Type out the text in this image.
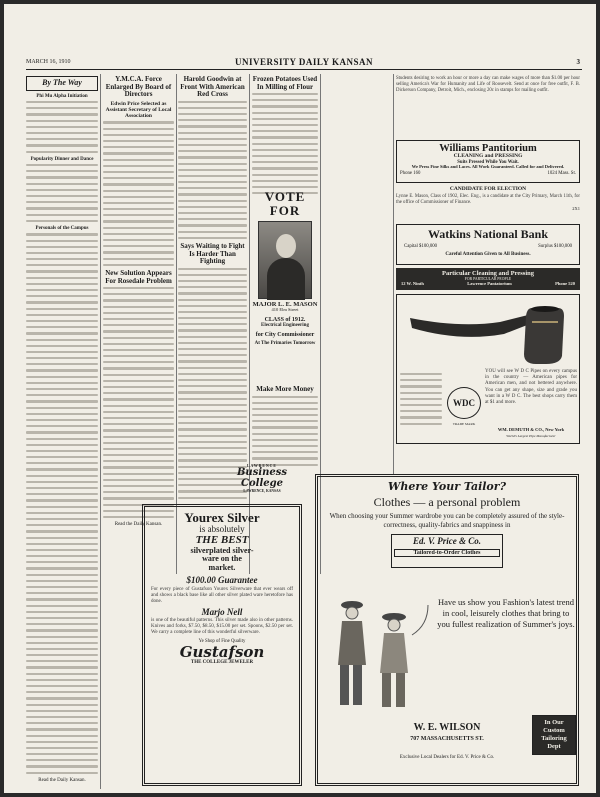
MARCH 16, 1910	UNIVERSITY DAILY KANSAN	3
By The Way
Phi Mu Alpha Initiation
Popularity Dinner and Dance
Personals of the Campus
Read the Daily Kansan.
Y.M.C.A. Force Enlarged By Board of Directors
Edwin Price Selected as Assistant Secretary of Local Association
New Solution Appears For Rosedale Problem
Read the Daily Kansan.
Harold Goodwin at Front With American Red Cross
Says Waiting to Fight Is Harder Than Fighting
Frozen Potatoes Used In Milling of Flour
VOTE FOR
MAJOR L. E. MASON
410 Elm Street
CLASS of 1912.
Electrical Engineering
for City Commissioner
At The Primaries Tomorrow
Make More Money
Students desiring to work an hour or more a day can make wages of more than $1.00 per hour selling America's War for Humanity and Life of Roosevelt. Send at once for free outfit, F. B. Dickerson Company, Detroit, Mich., enclosing 20c in stamps for mailing outfit.
Williams Pantitorium
CLEANING and PRESSING
Suits Pressed While You Wait.
We Press Fine Silks and Laces. All Work Guaranteed. Called for and Delivered.
Phone 160	1024 Mass. St.
CANDIDATE FOR ELECTION
Lynne E. Mason, Class of 1902, Elec. Eng., is a candidate at the City Primary, March 11th, for the office of Commissioner of Finance.
2X1
Watkins National Bank
Capital $100,000	Surplus $100,000
Careful Attention Given to All Business.
Particular Cleaning and Pressing
FOR PARTICULAR PEOPLE
12 W. Ninth	Lawrence Pantatorium	Phone 520
WDC
TRADE MARK
YOU will see W D C Pipes on every campus in the country — American pipes for American men, and not bettered anywhere. You can get any shape, size and grade you want in a W D C. The best shops carry them at $1 and more.
WM. DEMUTH & CO., New York
World's Largest Pipe Manufacturer
LAWRENCE
Business College
LAWRENCE, KANSAS
Yourex Silver
is absolutely
THE BEST
silverplated silver-
ware on the
market.
$100.00 Guarantee
For every piece of Gustafson Yourex Silverware that ever wears off and shows a black base like all other silver plated ware heretofore has done.
Marjo Nell
is one of the beautiful patterns. This silver made also in other patterns. Knives and forks, $7.50, $8.50, $15.00 per set. Spoons, $2.50 per set. We carry a complete line of this wonderful silverware.
Ye Shop of Fine Quality
Gustafson
THE COLLEGE JEWELER
Where Your Tailor?
Clothes — a personal problem
When choosing your Summer wardrobe you can be completely assured of the style-correctness, quality-fabrics and snappiness in
Ed. V. Price & Co.
Tailored-to-Order Clothes
Have us show you Fashion's latest trend in cool, leisurely clothes that bring to you fullest realization of Summer's joys.
In Our Custom Tailoring Dept
W. E. WILSON
707 MASSACHUSETTS ST.
Exclusive Local Dealers for Ed. V. Price & Co.
